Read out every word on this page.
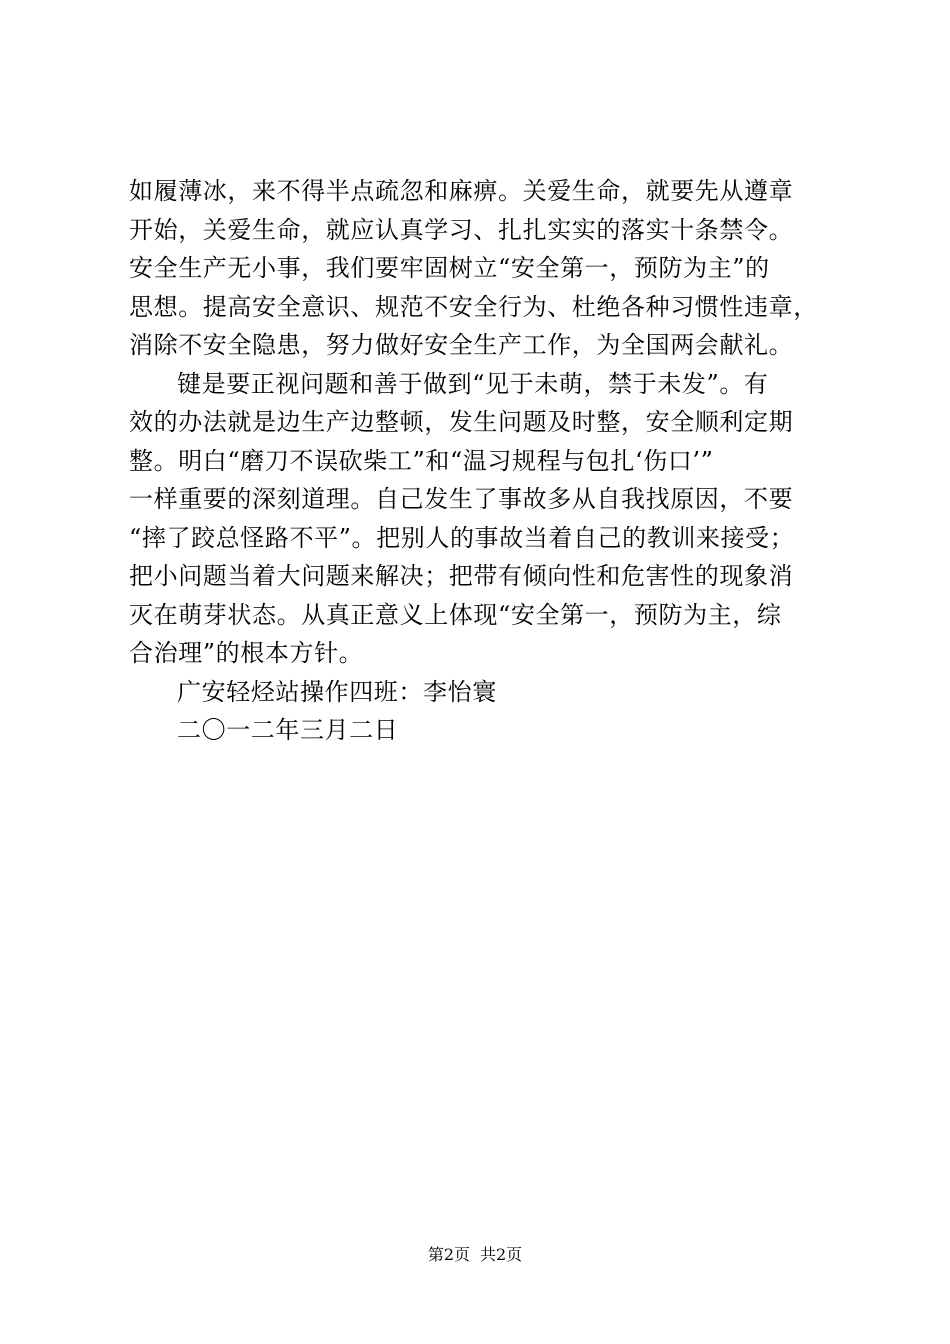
如履薄冰，来不得半点疏忽和麻痹。关爱生命，就要先从遵章
开始，关爱生命，就应认真学习、扎扎实实的落实十条禁令。
安全生产无小事，我们要牢固树立“安全第一，预防为主”的
思想。提高安全意识、规范不安全行为、杜绝各种习惯性违章，
消除不安全隐患，努力做好安全生产工作，为全国两会献礼。
键是要正视问题和善于做到“见于未萌，禁于未发”。有
效的办法就是边生产边整顿，发生问题及时整，安全顺利定期
整。明白“磨刀不误砍柴工”和“温习规程与包扎‘伤口’”
一样重要的深刻道理。自己发生了事故多从自我找原因，不要
“摔了跤总怪路不平”。把别人的事故当着自己的教训来接受；
把小问题当着大问题来解决；把带有倾向性和危害性的现象消
灭在萌芽状态。从真正意义上体现“安全第一，预防为主，综
合治理”的根本方针。
广安轻烃站操作四班：李怡寰
二〇一二年三月二日
第2页 共2页
